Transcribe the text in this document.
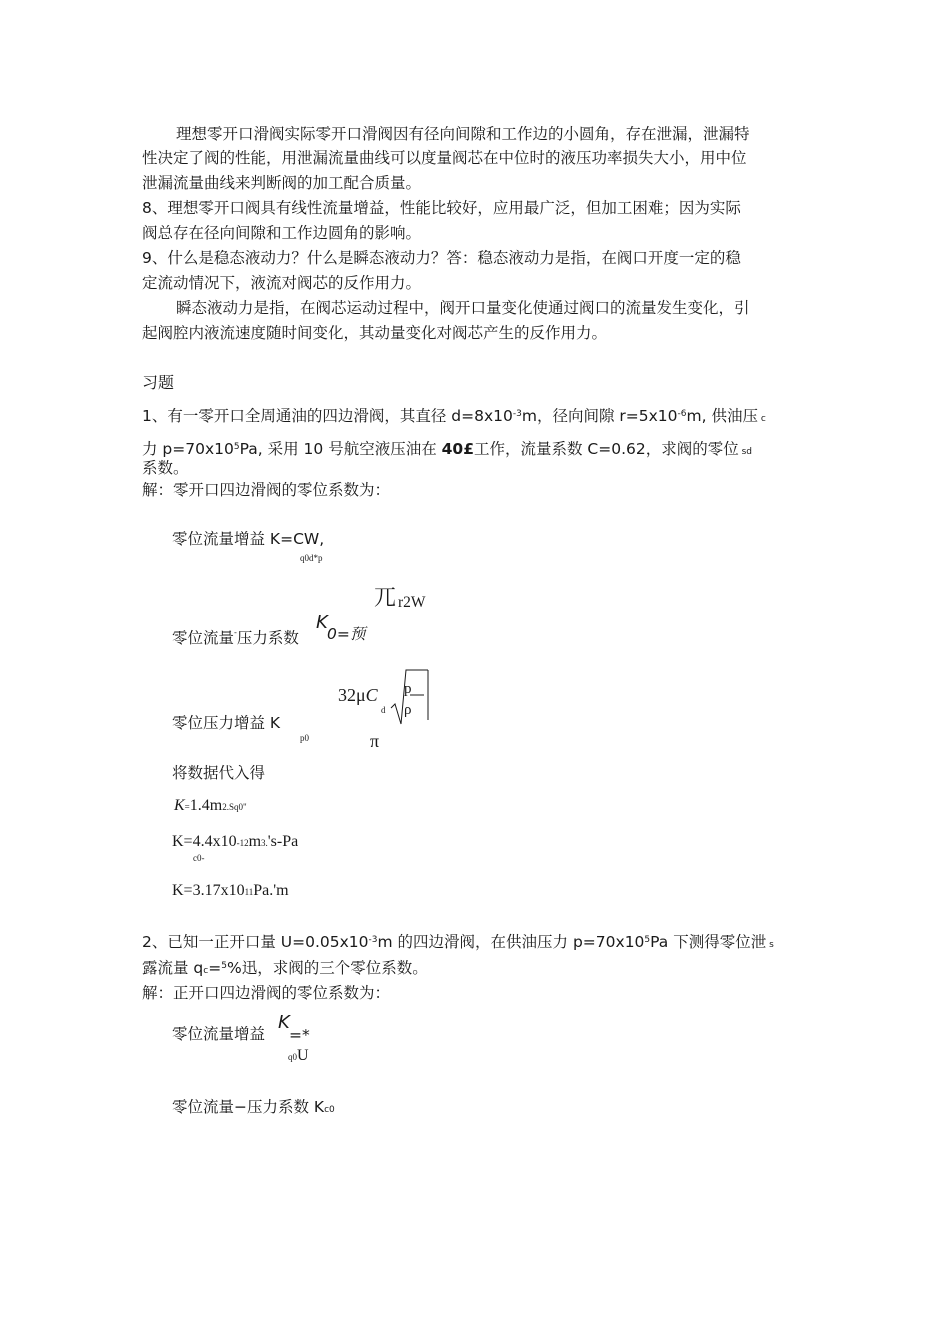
理想零开口滑阀实际零开口滑阀因有径向间隙和工作边的小圆角，存在泄漏，泄漏特
性决定了阀的性能，用泄漏流量曲线可以度量阀芯在中位时的液压功率损失大小，用中位
泄漏流量曲线来判断阀的加工配合质量。
8、理想零开口阀具有线性流量增益，性能比较好，应用最广泛，但加工困难；因为实际
阀总存在径向间隙和工作边圆角的影响。
9、什么是稳态液动力？什么是瞬态液动力？答：稳态液动力是指，在阀口开度一定的稳
定流动情况下，液流对阀芯的反作用力。
瞬态液动力是指，在阀芯运动过程中，阀开口量变化使通过阀口的流量发生变化，引
起阀腔内液流速度随时间变化，其动量变化对阀芯产生的反作用力。
习题
1、有一零开口全周通油的四边滑阀，其直径 $d=8x10^{-3}m$，径向间隙 $r=5x10^{-6}m$, 供油压 c
力 $p=70x10^5Pa$, 采用 10 号航空液压油在 40£工作，流量系数 C=0.62，求阀的零位 sd
系数。
解：零开口四边滑阀的零位系数为：
零位流量增益 K=CW,
q0d*p
兀 r2W
零位流量-压力系数
K
0=预
32μC
d
p
ρ
零位压力增益 K
p0	π
将数据代入得
K=1.4m2.Sq0"
K=4.4x10-12m3.'s-Pa
c0-
K=3.17x1011Pa.'m
2、已知一正开口量 $U=0.05x10^{-3}m$ 的四边滑阀，在供油压力 $p=70x10^5Pa$ 下测得零位泄 s
露流量 qc=$^5$%迅，求阀的三个零位系数。
解：正开口四边滑阀的零位系数为：
零位流量增益
K
=*
q0U
零位流量−压力系数 Kc0
